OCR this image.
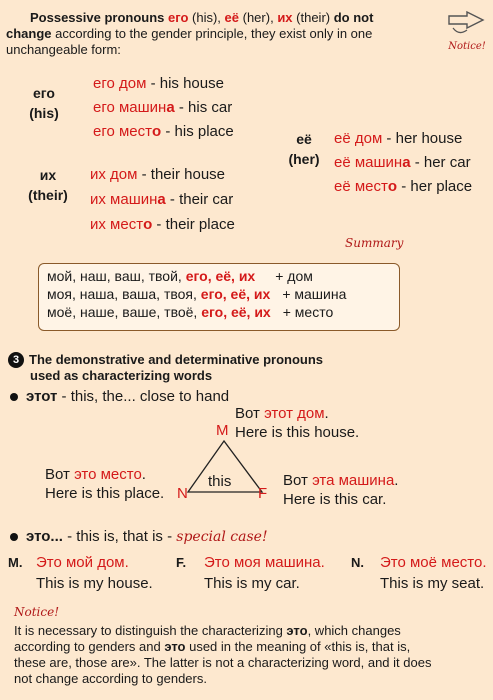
Possessive pronouns его (his), её (her), их (their) do not
change according to the gender principle, they exist only in one
unchangeable form:	Notice!
его
(his)
его дом - his house
его машина - his car
его место - his place	её
(her)
её дом - her house
её машина - her car
её место - her place
их
(their)
их дом - their house
их машина - their car
их место - their place
Summary
мой, наш, ваш, твой, его, её, их + дом
моя, наша, ваша, твоя, его, её, их + машина
моё, наше, ваше, твоё, его, её, их + место
3 The demonstrative and determinative pronouns
used as characterizing words
этот - this, the... close to hand
Вот этот дом.
Here is this house.
M
this
N	F
Вот это место.
Here is this place.
Вот эта машина.
Here is this car.
это... - this is, that is - special case!
M. Это мой дом.
This is my house.
F. Это моя машина.
This is my car.
N. Это моё место.
This is my seat.
Notice!
It is necessary to distinguish the characterizing это, which changes
according to genders and это used in the meaning of «this is, that is,
these are, those are». The latter is not a characterizing word, and it does
not change according to genders.
